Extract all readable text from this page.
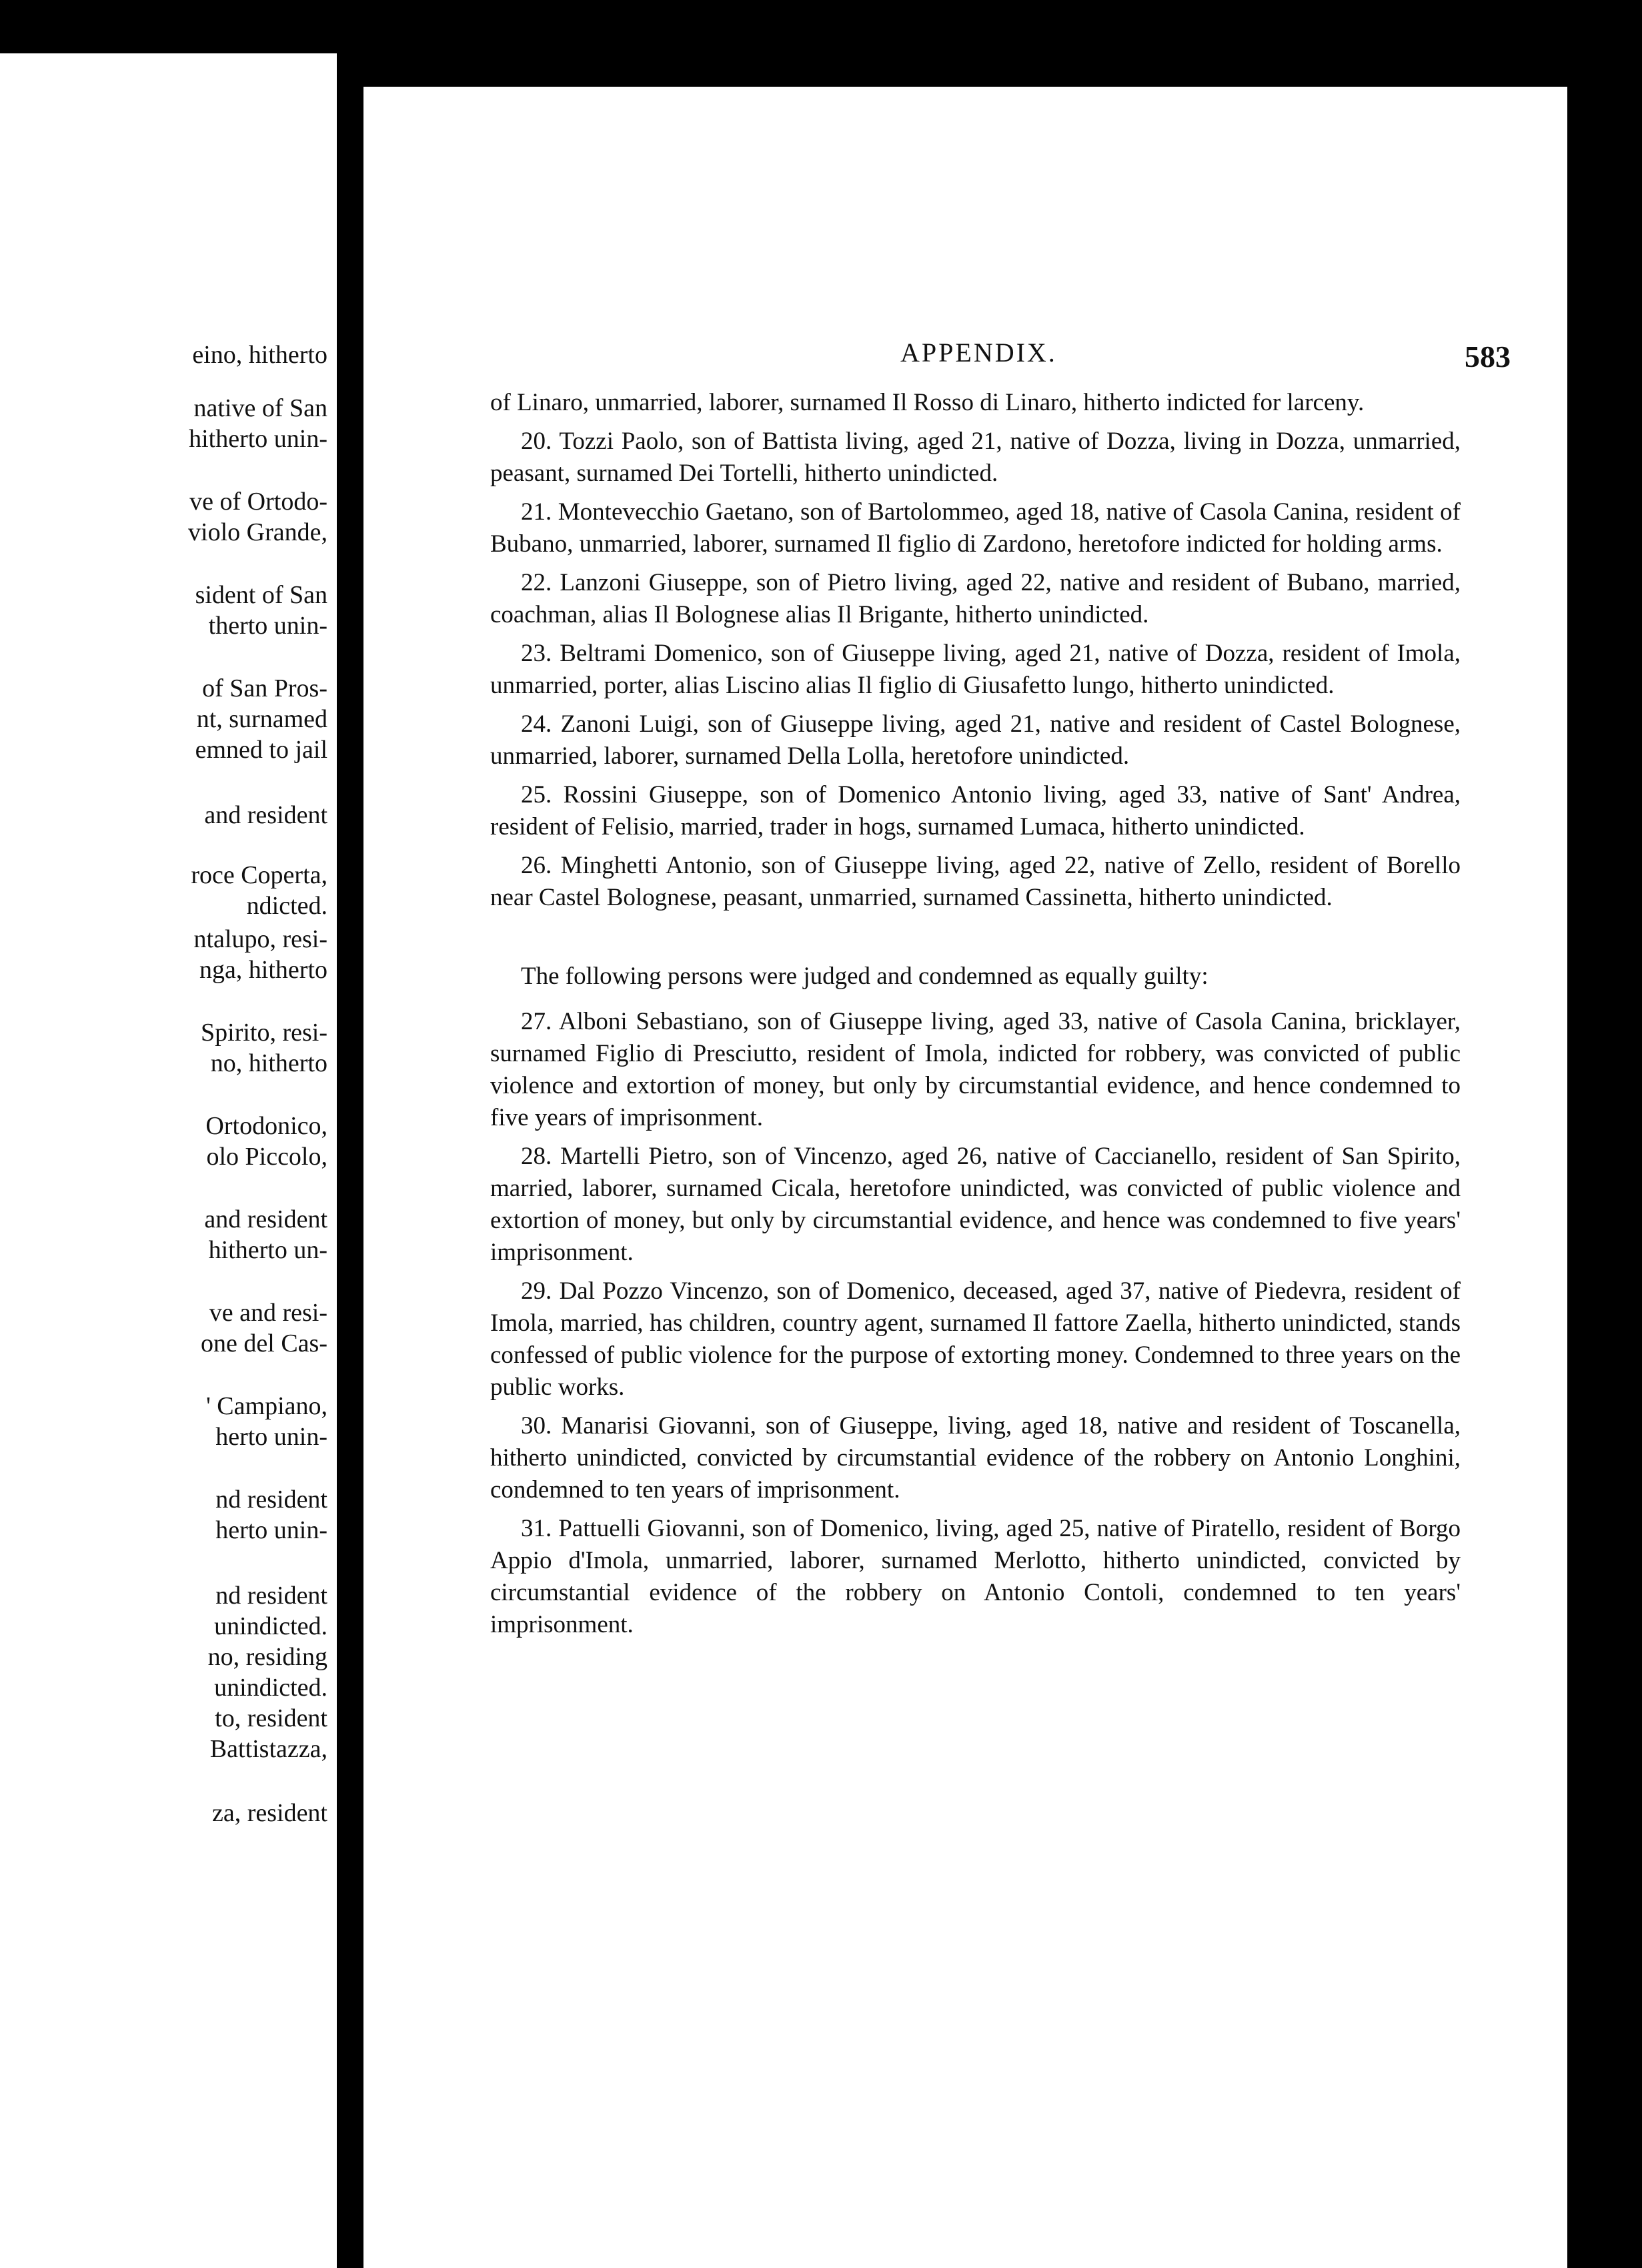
eino, hitherto

native of San

hitherto unin-

ve of Ortodo-

violo Grande,

sident of San

therto unin-

of San Pros-

nt, surnamed

emned to jail

and resident

roce Coperta,

ndicted.

ntalupo, resi-

nga, hitherto

Spirito, resi-

no, hitherto

Ortodonico,

olo Piccolo,

and resident

hitherto un-

ve and resi-

one del Cas-

' Campiano,

herto unin-

nd resident

herto unin-

nd resident

unindicted.

no, residing

unindicted.

to, resident

Battistazza,

za, resident

APPENDIX.	583

of Linaro, unmarried, laborer, surnamed Il Rosso di Linaro, hitherto indicted for larceny.

20. Tozzi Paolo, son of Battista living, aged 21, native of Dozza, living in Dozza, unmarried, peasant, surnamed Dei Tortelli, hitherto unindicted.

21. Montevecchio Gaetano, son of Bartolommeo, aged 18, native of Casola Canina, resident of Bubano, unmarried, laborer, surnamed Il figlio di Zardono, heretofore indicted for holding arms.

22. Lanzoni Giuseppe, son of Pietro living, aged 22, native and resident of Bubano, married, coachman, alias Il Bolognese alias Il Brigante, hitherto unindicted.

23. Beltrami Domenico, son of Giuseppe living, aged 21, native of Dozza, resident of Imola, unmarried, porter, alias Liscino alias Il figlio di Giusafetto lungo, hitherto unindicted.

24. Zanoni Luigi, son of Giuseppe living, aged 21, native and resident of Castel Bolognese, unmarried, laborer, surnamed Della Lolla, heretofore unindicted.

25. Rossini Giuseppe, son of Domenico Antonio living, aged 33, native of Sant' Andrea, resident of Felisio, married, trader in hogs, surnamed Lumaca, hitherto unindicted.

26. Minghetti Antonio, son of Giuseppe living, aged 22, native of Zello, resident of Borello near Castel Bolognese, peasant, unmarried, surnamed Cassinetta, hitherto unindicted.

The following persons were judged and condemned as equally guilty:

27. Alboni Sebastiano, son of Giuseppe living, aged 33, native of Casola Canina, bricklayer, surnamed Figlio di Presciutto, resident of Imola, indicted for robbery, was convicted of public violence and extortion of money, but only by circumstantial evidence, and hence condemned to five years of imprisonment.

28. Martelli Pietro, son of Vincenzo, aged 26, native of Caccianello, resident of San Spirito, married, laborer, surnamed Cicala, heretofore unindicted, was convicted of public violence and extortion of money, but only by circumstantial evidence, and hence was condemned to five years' imprisonment.

29. Dal Pozzo Vincenzo, son of Domenico, deceased, aged 37, native of Piedevra, resident of Imola, married, has children, country agent, surnamed Il fattore Zaella, hitherto unindicted, stands confessed of public violence for the purpose of extorting money. Condemned to three years on the public works.

30. Manarisi Giovanni, son of Giuseppe, living, aged 18, native and resident of Toscanella, hitherto unindicted, convicted by circumstantial evidence of the robbery on Antonio Longhini, condemned to ten years of imprisonment.

31. Pattuelli Giovanni, son of Domenico, living, aged 25, native of Piratello, resident of Borgo Appio d'Imola, unmarried, laborer, surnamed Merlotto, hitherto unindicted, convicted by circumstantial evidence of the robbery on Antonio Contoli, condemned to ten years' imprisonment.
